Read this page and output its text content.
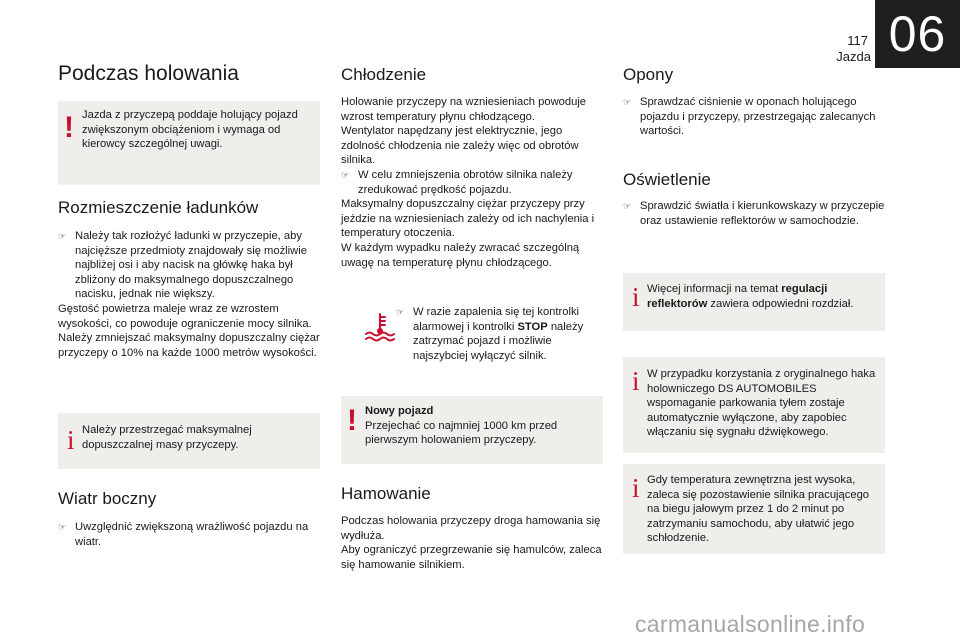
117
Jazda 06
Podczas holowania
! Jazda z przyczepą poddaje holujący pojazd zwiększonym obciążeniom i wymaga od kierowcy szczególnej uwagi.
Rozmieszczenie ładunków
☞ Należy tak rozłożyć ładunki w przyczepie, aby najcięższe przedmioty znajdowały się możliwie najbliżej osi i aby nacisk na główkę haka był zbliżony do maksymalnego dopuszczalnego nacisku, jednak nie większy.

Gęstość powietrza maleje wraz ze wzrostem wysokości, co powoduje ograniczenie mocy silnika. Należy zmniejszać maksymalny dopuszczalny ciężar przyczepy o 10% na każde 1000 metrów wysokości.

i Należy przestrzegać maksymalnej dopuszczalnej masy przyczepy.
Wiatr boczny
☞ Uwzględnić zwiększoną wrażliwość pojazdu na wiatr.
Chłodzenie

Holowanie przyczepy na wzniesieniach powoduje wzrost temperatury płynu chłodzącego.

Wentylator napędzany jest elektrycznie, jego zdolność chłodzenia nie zależy więc od obrotów silnika.

☞ W celu zmniejszenia obrotów silnika należy zredukować prędkość pojazdu.

Maksymalny dopuszczalny ciężar przyczepy przy jeździe na wzniesieniach zależy od ich nachylenia i temperatury otoczenia.

W każdym wypadku należy zwracać szczególną uwagę na temperaturę płynu chłodzącego.

☞ W razie zapalenia się tej kontrolki alarmowej i kontrolki STOP należy zatrzymać pojazd i możliwie najszybciej wyłączyć silnik.
! Nowy pojazd
Przejechać co najmniej 1000 km przed pierwszym holowaniem przyczepy.
Hamowanie

Podczas holowania przyczepy droga hamowania się wydłuża.

Aby ograniczyć przegrzewanie się hamulców, zaleca się hamowanie silnikiem.

Opony
☞ Sprawdzać ciśnienie w oponach holującego pojazdu i przyczepy, przestrzegając zalecanych wartości.
Oświetlenie
☞ Sprawdzić światła i kierunkowskazy w przyczepie oraz ustawienie reflektorów w samochodzie.
i Więcej informacji na temat regulacji reflektorów zawiera odpowiedni rozdział.
i W przypadku korzystania z oryginalnego haka holowniczego DS AUTOMOBILES wspomaganie parkowania tyłem zostaje automatycznie wyłączone, aby zapobiec włączaniu się sygnału dźwiękowego.
i Gdy temperatura zewnętrzna jest wysoka, zaleca się pozostawienie silnika pracującego na biegu jałowym przez 1 do 2 minut po zatrzymaniu samochodu, aby ułatwić jego schłodzenie.
carmanualsonline.info
